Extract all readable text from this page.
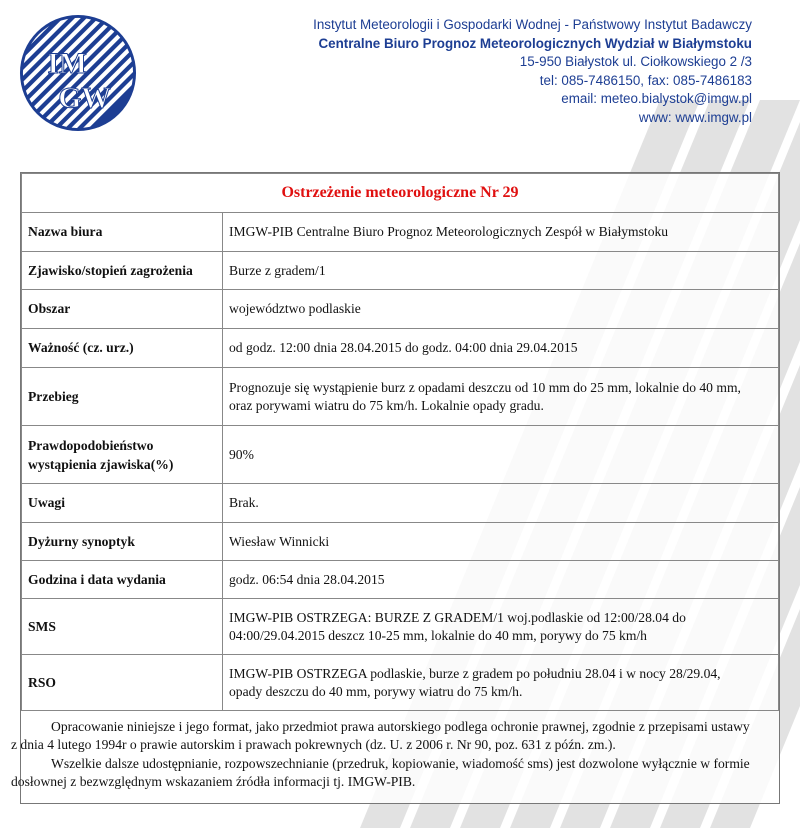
IM
GW
Instytut Meteorologii i Gospodarki Wodnej - Państwowy Instytut Badawczy
Centralne Biuro Prognoz Meteorologicznych Wydział w Białymstoku
15-950 Białystok ul. Ciołkowskiego 2 /3
tel: 085-7486150, fax: 085-7486183
email: meteo.bialystok@imgw.pl
www: www.imgw.pl
Ostrzeżenie meteorologiczne Nr 29	
Nazwa biura	IMGW-PIB Centralne Biuro Prognoz Meteorologicznych Zespół w Białymstoku

Zjawisko/stopień zagrożenia	Burze z gradem/1

Obszar	województwo podlaskie

Ważność (cz. urz.)	od godz. 12:00 dnia 28.04.2015 do godz. 04:00 dnia 29.04.2015

Przebieg	Prognozuje się wystąpienie burz z opadami deszczu od 10 mm do 25 mm, lokalnie do 40 mm,
oraz porywami wiatru do 75 km/h. Lokalnie opady gradu.

Prawdopodobieństwo
wystąpienia zjawiska(%)	90%

Uwagi	Brak.

Dyżurny synoptyk	Wiesław Winnicki

Godzina i data wydania	godz. 06:54 dnia 28.04.2015

SMS	IMGW-PIB OSTRZEGA: BURZE Z GRADEM/1 woj.podlaskie od 12:00/28.04 do
04:00/29.04.2015 deszcz 10-25 mm, lokalnie do 40 mm, porywy do 75 km/h

RSO	IMGW-PIB OSTRZEGA podlaskie, burze z gradem po południu 28.04 i w nocy 28/29.04,
opady deszczu do 40 mm, porywy wiatru do 75 km/h.

Opracowanie niniejsze i jego format, jako przedmiot prawa autorskiego podlega ochronie prawnej, zgodnie z przepisami ustawy
z dnia 4 lutego 1994r o prawie autorskim i prawach pokrewnych (dz. U. z 2006 r. Nr 90, poz. 631 z późn. zm.).

Wszelkie dalsze udostępnianie, rozpowszechnianie (przedruk, kopiowanie, wiadomość sms) jest dozwolone wyłącznie w formie
dosłownej z bezwzględnym wskazaniem źródła informacji tj. IMGW-PIB.
